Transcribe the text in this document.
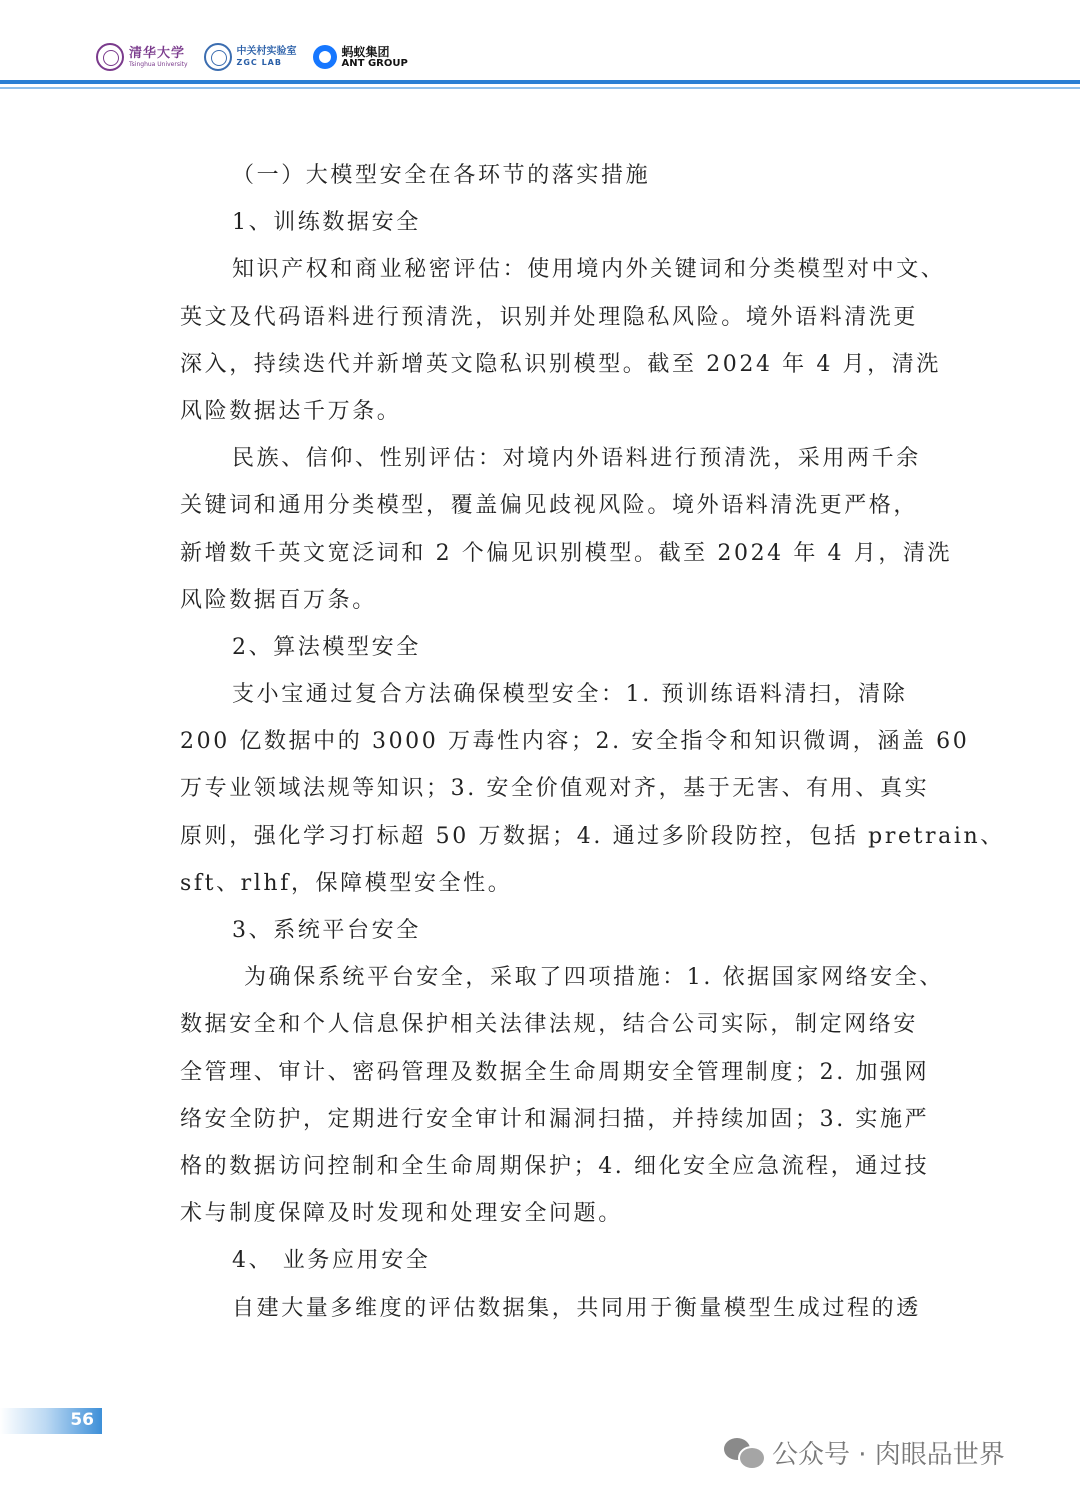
清华大学
Tsinghua University
中关村实验室
ZGC LAB
蚂蚁集团
ANT GROUP
（一）大模型安全在各环节的落实措施
1、训练数据安全
知识产权和商业秘密评估：使用境内外关键词和分类模型对中文、
英文及代码语料进行预清洗，识别并处理隐私风险。境外语料清洗更
深入，持续迭代并新增英文隐私识别模型。截至 2024 年 4 月，清洗
风险数据达千万条。
民族、信仰、性别评估：对境内外语料进行预清洗，采用两千余
关键词和通用分类模型，覆盖偏见歧视风险。境外语料清洗更严格，
新增数千英文宽泛词和 2 个偏见识别模型。截至 2024 年 4 月，清洗
风险数据百万条。
2、算法模型安全
支小宝通过复合方法确保模型安全：1. 预训练语料清扫，清除
200 亿数据中的 3000 万毒性内容；2. 安全指令和知识微调，涵盖 60
万专业领域法规等知识；3. 安全价值观对齐，基于无害、有用、真实
原则，强化学习打标超 50 万数据；4. 通过多阶段防控，包括 pretrain、
sft、rlhf，保障模型安全性。
3、系统平台安全
为确保系统平台安全，采取了四项措施：1. 依据国家网络安全、
数据安全和个人信息保护相关法律法规，结合公司实际，制定网络安
全管理、审计、密码管理及数据全生命周期安全管理制度；2. 加强网
络安全防护，定期进行安全审计和漏洞扫描，并持续加固；3. 实施严
格的数据访问控制和全生命周期保护；4. 细化安全应急流程，通过技
术与制度保障及时发现和处理安全问题。
4、 业务应用安全
自建大量多维度的评估数据集，共同用于衡量模型生成过程的透
56
公众号 · 肉眼品世界
